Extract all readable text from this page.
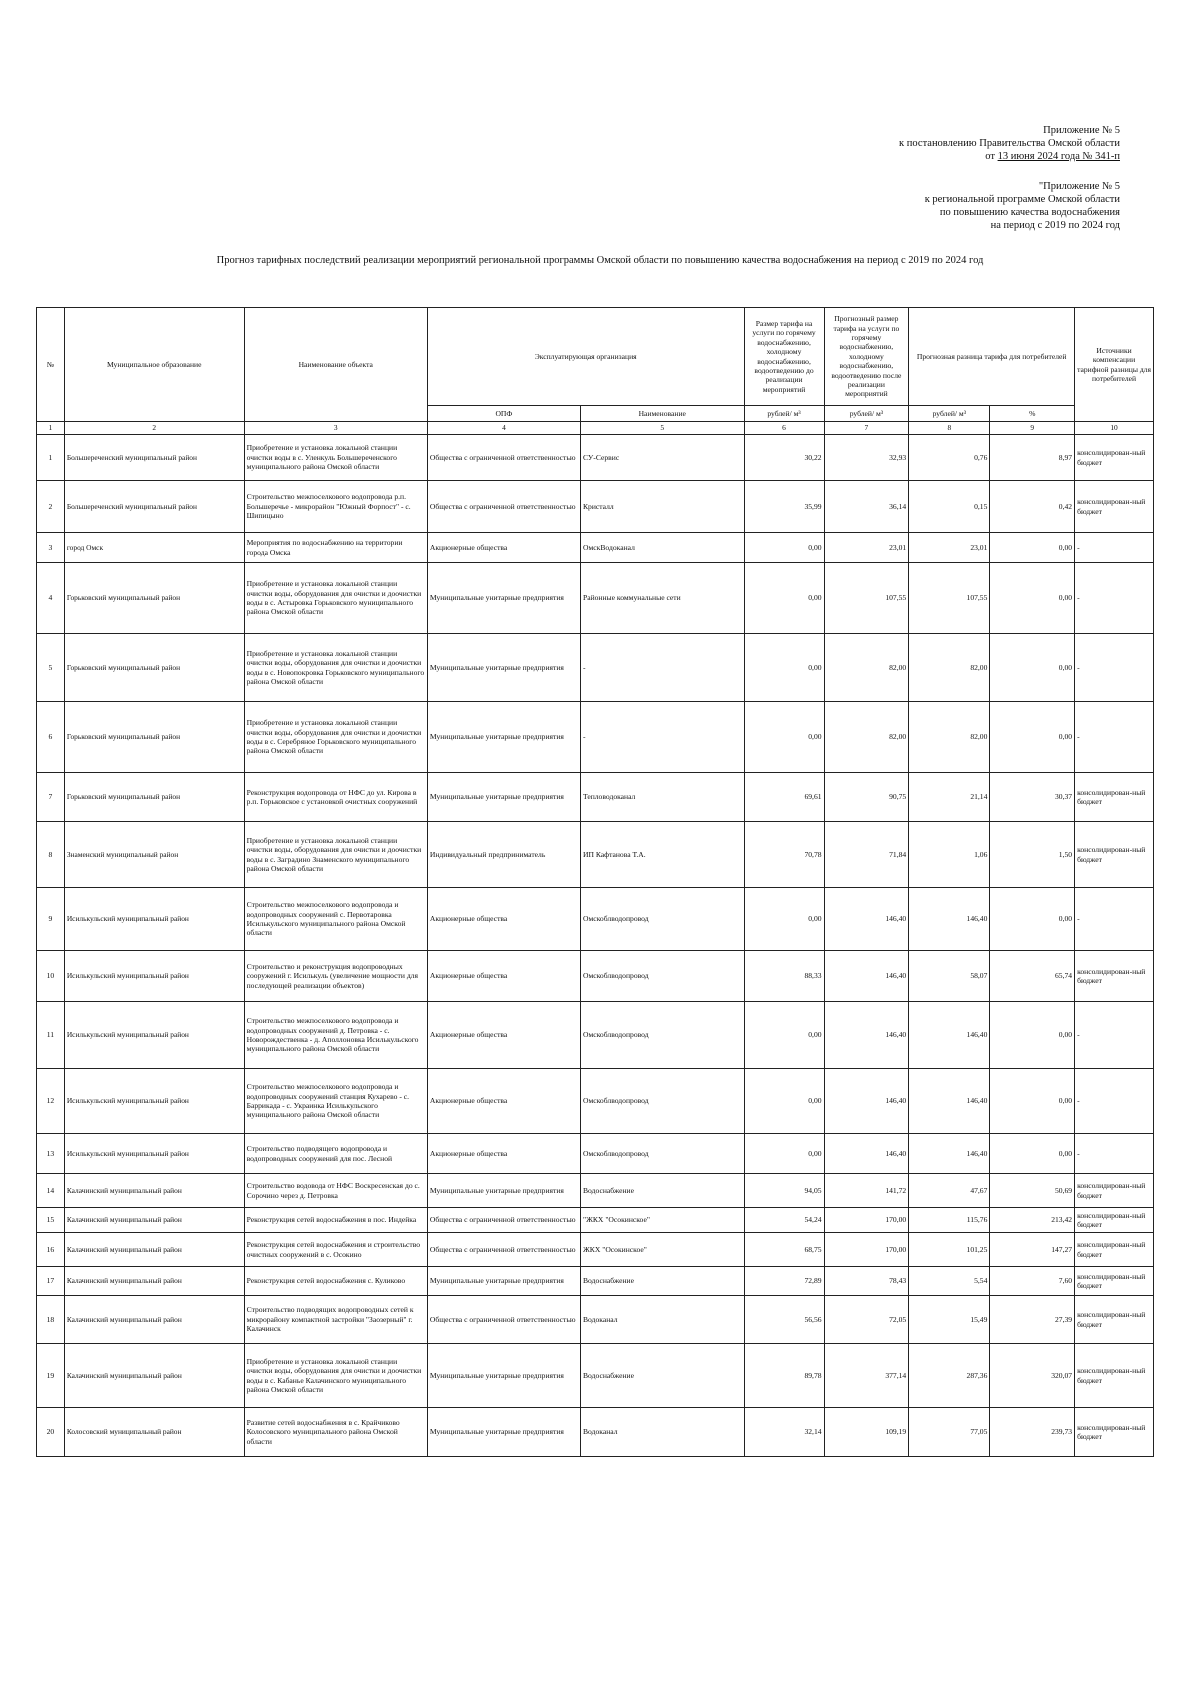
Приложение № 5
к постановлению Правительства Омской области
от 13 июня 2024 года № 341-п
"Приложение № 5
к региональной программе Омской области
по повышению качества водоснабжения
на период с 2019 по 2024 год
Прогноз тарифных последствий реализации мероприятий региональной программы Омской области по повышению качества водоснабжения на период с 2019 по 2024 год
№	Муниципальное образование	Наименование объекта	Эксплуатирующая организация		Размер тарифа на услуги по горячему водоснабжению, холодному водоснабжению, водоотведению до реализации мероприятий	Прогнозный размер тарифа на услуги по горячему водоснабжению, холодному водоснабжению, водоотведению после реализации мероприятий	Прогнозная разница тарифа для потребителей		Источники компенсации тарифной разницы для потребителей
			ОПФ	Наименование	рублей/ м³	рублей/ м³	рублей/ м³	%	
1	2	3	4	5	6	7	8	9	10
1	Большереченский муниципальный район	Приобретение и установка локальной станции очистки воды в с. Уленкуль Большереченского муниципального района Омской области	Общества с ограниченной ответственностью	СУ-Сервис	30,22	32,93	0,76	8,97	консолидирован-ный бюджет
2	Большереченский муниципальный район	Строительство межпоселкового водопровода р.п. Большеречье - микрорайон "Южный Форпост" - с. Шипицыно	Общества с ограниченной ответственностью	Кристалл	35,99	36,14	0,15	0,42	консолидирован-ный бюджет
3	город Омск	Мероприятия по водоснабжению на территории города Омска	Акционерные общества	ОмскВодоканал	0,00	23,01	23,01	0,00	-
4	Горьковский муниципальный район	Приобретение и установка локальной станции очистки воды, оборудования для очистки и доочистки воды в с. Астыровка Горьковского муниципального района Омской области	Муниципальные унитарные предприятия	Районные коммунальные сети	0,00	107,55	107,55	0,00	-
5	Горьковский муниципальный район	Приобретение и установка локальной станции очистки воды, оборудования для очистки и доочистки воды в с. Новопокровка Горьковского муниципального района Омской области	Муниципальные унитарные предприятия	-	0,00	82,00	82,00	0,00	-
6	Горьковский муниципальный район	Приобретение и установка локальной станции очистки воды, оборудования для очистки и доочистки воды в с. Серебряное Горьковского муниципального района Омской области	Муниципальные унитарные предприятия	-	0,00	82,00	82,00	0,00	-
7	Горьковский муниципальный район	Реконструкция водопровода от НФС до ул. Кирова в р.п. Горьковское с установкой очистных сооружений	Муниципальные унитарные предприятия	Тепловодоканал	69,61	90,75	21,14	30,37	консолидирован-ный бюджет
8	Знаменский муниципальный район	Приобретение и установка локальной станции очистки воды, оборудования для очистки и доочистки воды в с. Заградино Знаменского муниципального района Омской области	Индивидуальный предприниматель	ИП Кафтанова Т.А.	70,78	71,84	1,06	1,50	консолидирован-ный бюджет
9	Исилькульский муниципальный район	Строительство межпоселкового водопровода и водопроводных сооружений с. Первотаровка Исилькульского муниципального района Омской области	Акционерные общества	Омскоблводопровод	0,00	146,40	146,40	0,00	-
10	Исилькульский муниципальный район	Строительство и реконструкция водопроводных сооружений г. Исилькуль (увеличение мощности для последующей реализации объектов)	Акционерные общества	Омскоблводопровод	88,33	146,40	58,07	65,74	консолидирован-ный бюджет
11	Исилькульский муниципальный район	Строительство межпоселкового водопровода и водопроводных сооружений д. Петровка - с. Новорождественка - д. Аполлоновка Исилькульского муниципального района Омской области	Акционерные общества	Омскоблводопровод	0,00	146,40	146,40	0,00	-
12	Исилькульский муниципальный район	Строительство межпоселкового водопровода и водопроводных сооружений станция Кухарево - с. Баррикада - с. Украинка Исилькульского муниципального района Омской области	Акционерные общества	Омскоблводопровод	0,00	146,40	146,40	0,00	-
13	Исилькульский муниципальный район	Строительство подводящего водопровода и водопроводных сооружений для пос. Лесной	Акционерные общества	Омскоблводопровод	0,00	146,40	146,40	0,00	-
14	Калачинский муниципальный район	Строительство водовода от НФС Воскресенская до с. Сорочино через д. Петровка	Муниципальные унитарные предприятия	Водоснабжение	94,05	141,72	47,67	50,69	консолидирован-ный бюджет
15	Калачинский муниципальный район	Реконструкция сетей водоснабжения в пос. Индейка	Общества с ограниченной ответственностью	"ЖКХ "Осокинское"	54,24	170,00	115,76	213,42	консолидирован-ный бюджет
16	Калачинский муниципальный район	Реконструкция сетей водоснабжения и строительство очистных сооружений в с. Осокино	Общества с ограниченной ответственностью	ЖКХ "Осокинское"	68,75	170,00	101,25	147,27	консолидирован-ный бюджет
17	Калачинский муниципальный район	Реконструкция сетей водоснабжения с. Куликово	Муниципальные унитарные предприятия	Водоснабжение	72,89	78,43	5,54	7,60	консолидирован-ный бюджет
18	Калачинский муниципальный район	Строительство подводящих водопроводных сетей к микрорайону компактной застройки "Заозерный" г. Калачинск	Общества с ограниченной ответственностью	Водоканал	56,56	72,05	15,49	27,39	консолидирован-ный бюджет
19	Калачинский муниципальный район	Приобретение и установка локальной станции очистки воды, оборудования для очистки и доочистки воды в с. Кабанье Калачинского муниципального района Омской области	Муниципальные унитарные предприятия	Водоснабжение	89,78	377,14	287,36	320,07	консолидирован-ный бюджет
20	Колосовский муниципальный район	Развитие сетей водоснабжения в с. Крайчиково Колосовского муниципального района Омской области	Муниципальные унитарные предприятия	Водоканал	32,14	109,19	77,05	239,73	консолидирован-ный бюджет
